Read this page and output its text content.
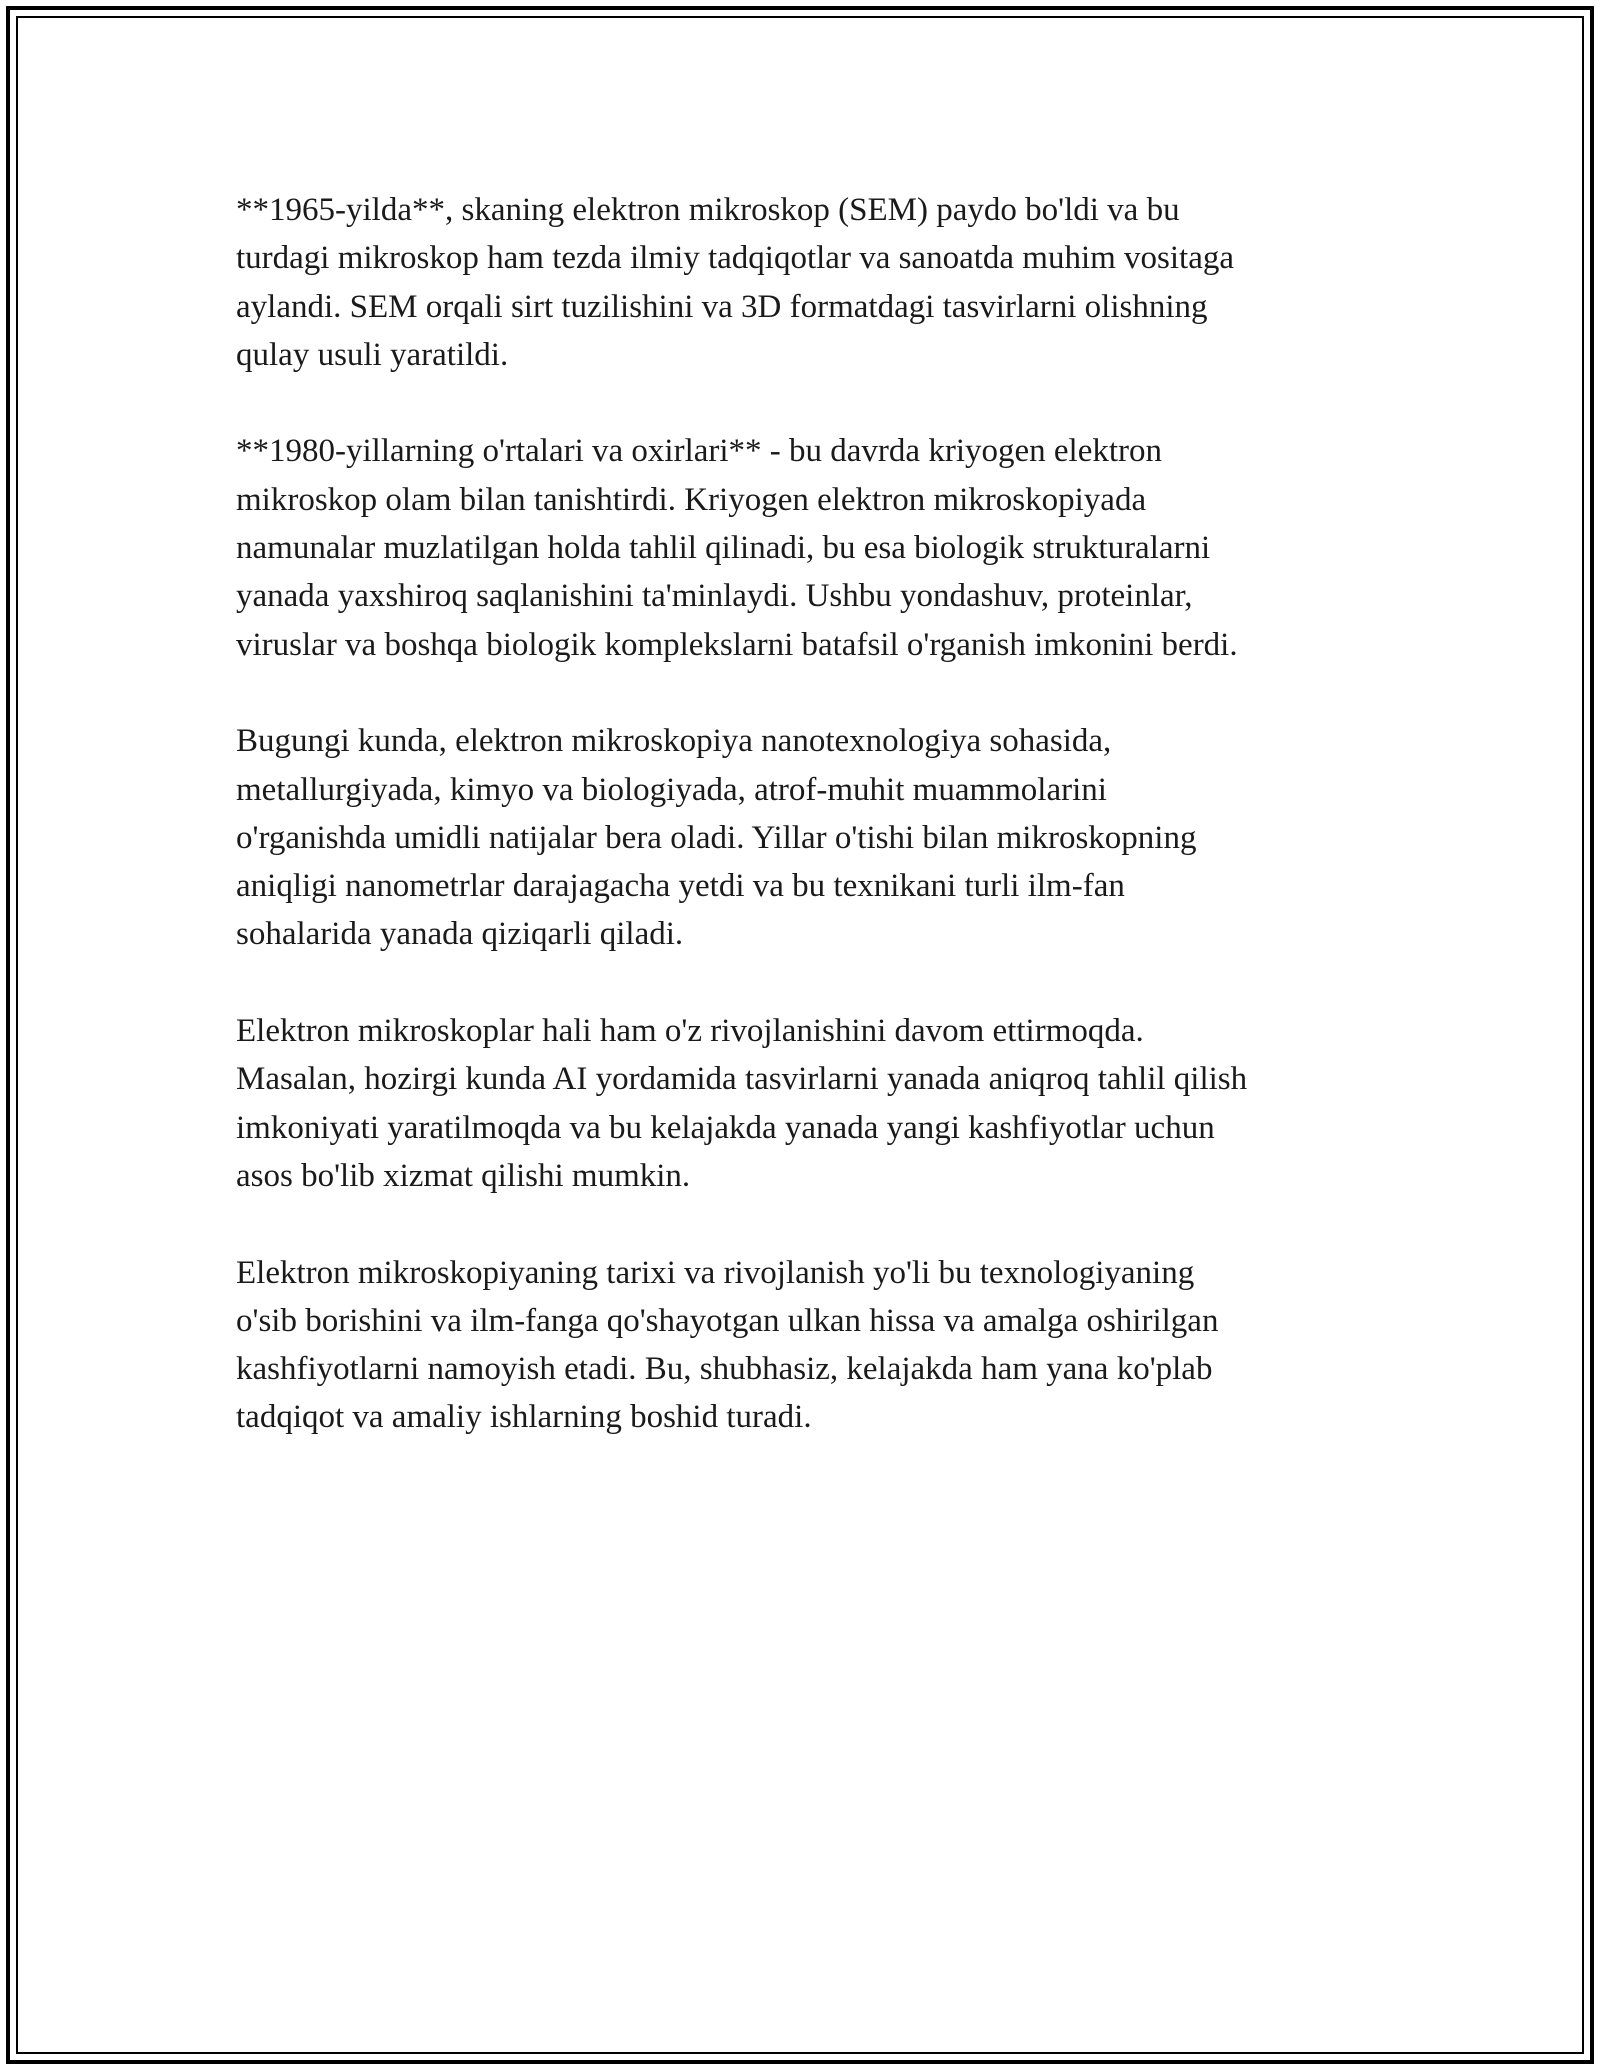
**1965-yilda**, skaning elektron mikroskop (SEM) paydo bo'ldi va bu
turdagi mikroskop ham tezda ilmiy tadqiqotlar va sanoatda muhim vositaga
aylandi. SEM orqali sirt tuzilishini va 3D formatdagi tasvirlarni olishning
qulay usuli yaratildi.

**1980-yillarning o'rtalari va oxirlari** - bu davrda kriyogen elektron
mikroskop olam bilan tanishtirdi. Kriyogen elektron mikroskopiyada
namunalar muzlatilgan holda tahlil qilinadi, bu esa biologik strukturalarni
yanada yaxshiroq saqlanishini ta'minlaydi. Ushbu yondashuv, proteinlar,
viruslar va boshqa biologik komplekslarni batafsil o'rganish imkonini berdi.

Bugungi kunda, elektron mikroskopiya nanotexnologiya sohasida,
metallurgiyada, kimyo va biologiyada, atrof-muhit muammolarini
o'rganishda umidli natijalar bera oladi. Yillar o'tishi bilan mikroskopning
aniqligi nanometrlar darajagacha yetdi va bu texnikani turli ilm-fan
sohalarida yanada qiziqarli qiladi.

Elektron mikroskoplar hali ham o'z rivojlanishini davom ettirmoqda.
Masalan, hozirgi kunda AI yordamida tasvirlarni yanada aniqroq tahlil qilish
imkoniyati yaratilmoqda va bu kelajakda yanada yangi kashfiyotlar uchun
asos bo'lib xizmat qilishi mumkin.

Elektron mikroskopiyaning tarixi va rivojlanish yo'li bu texnologiyaning
o'sib borishini va ilm-fanga qo'shayotgan ulkan hissa va amalga oshirilgan
kashfiyotlarni namoyish etadi. Bu, shubhasiz, kelajakda ham yana ko'plab
tadqiqot va amaliy ishlarning boshid turadi.
